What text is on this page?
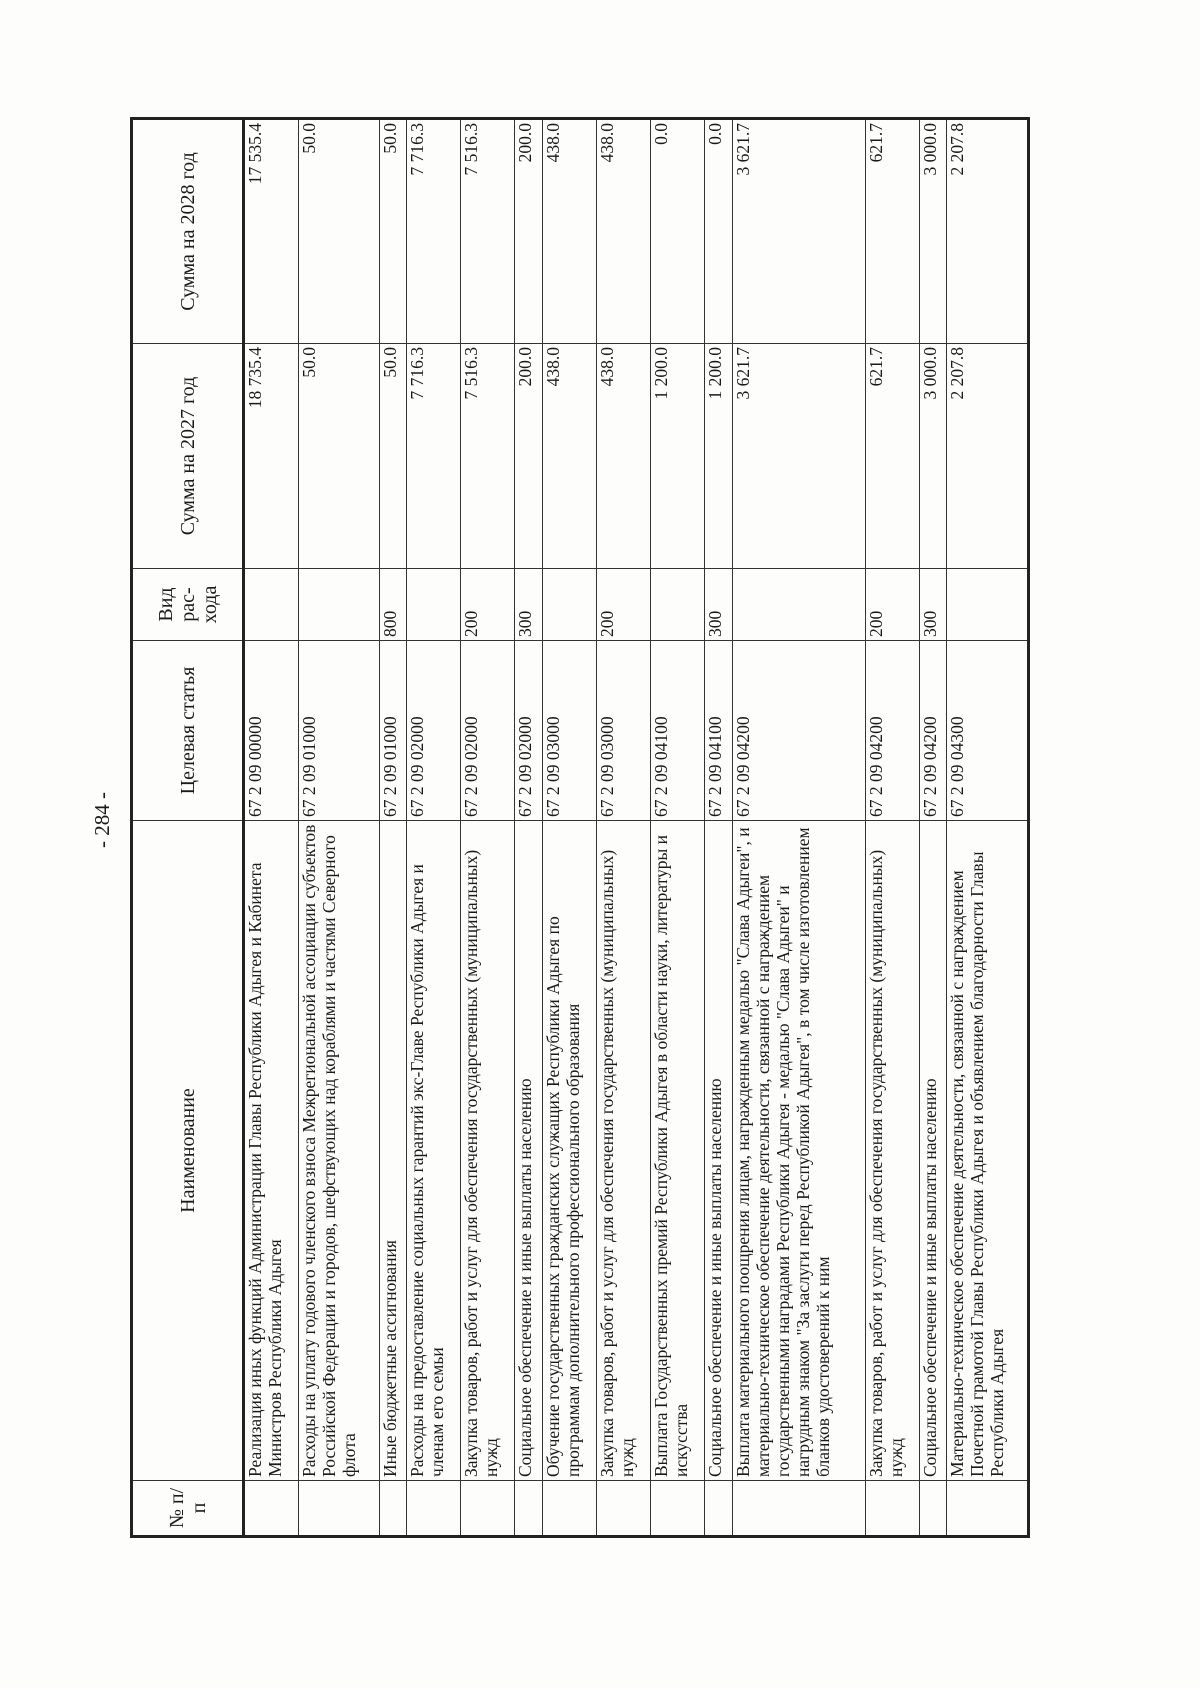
- 284 -
№ п/п	Наименование	Целевая статья	Вид рас-хода	Сумма на 2027 год	Сумма на 2028 год
	Реализация иных функций Администрации Главы Республики Адыгея и Кабинета Министров Республики Адыгея	67 2 09 00000		18 735.4	17 535.4
	Расходы на уплату годового членского взноса Межрегиональной ассоциации субъектов Российской Федерации и городов, шефствующих над кораблями и частями Северного флота	67 2 09 01000		50.0	50.0
	Иные бюджетные ассигнования	67 2 09 01000	800	50.0	50.0
	Расходы на предоставление социальных гарантий экс-Главе Республики Адыгея и членам его семьи	67 2 09 02000		7 716.3	7 716.3
	Закупка товаров, работ и услуг для обеспечения государственных (муниципальных) нужд	67 2 09 02000	200	7 516.3	7 516.3
	Социальное обеспечение и иные выплаты населению	67 2 09 02000	300	200.0	200.0
	Обучение государственных гражданских служащих Республики Адыгея по программам дополнительного профессионального образования	67 2 09 03000		438.0	438.0
	Закупка товаров, работ и услуг для обеспечения государственных (муниципальных) нужд	67 2 09 03000	200	438.0	438.0
	Выплата Государственных премий Республики Адыгея в области науки, литературы и искусства	67 2 09 04100		1 200.0	0.0
	Социальное обеспечение и иные выплаты населению	67 2 09 04100	300	1 200.0	0.0
	Выплата материального поощрения лицам, награжденным медалью "Слава Адыгеи", и материально-техническое обеспечение деятельности, связанной с награждением государственными наградами Республики Адыгея - медалью "Слава Адыгеи" и нагрудным знаком "За заслуги перед Республикой Адыгея", в том числе изготовлением бланков удостоверений к ним	67 2 09 04200		3 621.7	3 621.7
	Закупка товаров, работ и услуг для обеспечения государственных (муниципальных) нужд	67 2 09 04200	200	621.7	621.7
	Социальное обеспечение и иные выплаты населению	67 2 09 04200	300	3 000.0	3 000.0
	Материально-техническое обеспечение деятельности, связанной с награждением Почетной грамотой Главы Республики Адыгея и объявлением благодарности Главы Республики Адыгея	67 2 09 04300		2 207.8	2 207.8
